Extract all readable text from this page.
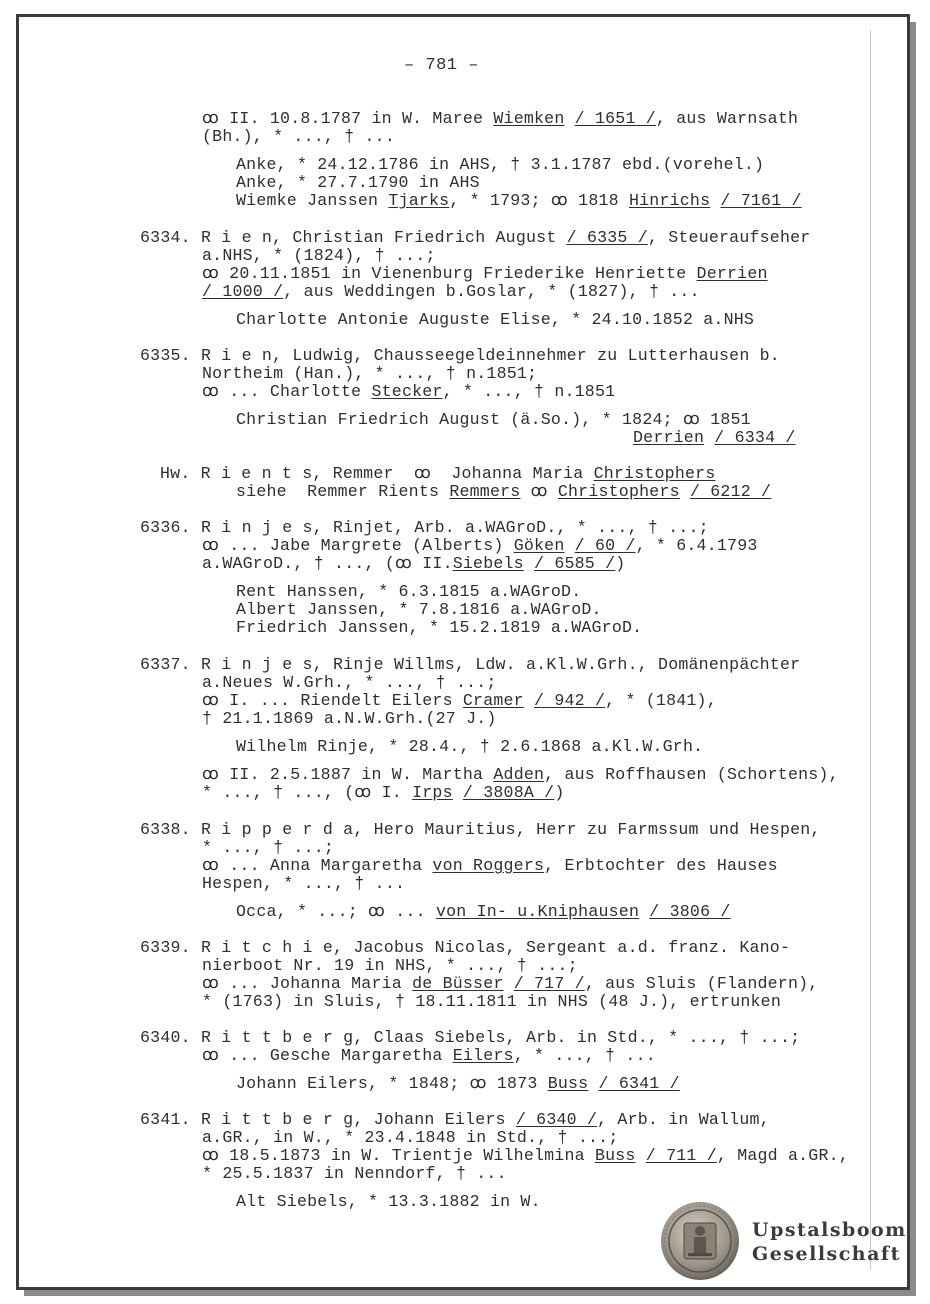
– 781 –
ꝏ II. 10.8.1787 in W. Maree Wiemken / 1651 /, aus Warnsath
(Bh.), * ..., † ...
Anke, * 24.12.1786 in AHS, † 3.1.1787 ebd.(vorehel.)
Anke, * 27.7.1790 in AHS
Wiemke Janssen Tjarks, * 1793; ꝏ 1818 Hinrichs / 7161 /
6334. R i e n, Christian Friedrich August / 6335 /, Steueraufseher
a.NHS, * (1824), † ...;
ꝏ 20.11.1851 in Vienenburg Friederike Henriette Derrien
/ 1000 /, aus Weddingen b.Goslar, * (1827), † ...
Charlotte Antonie Auguste Elise, * 24.10.1852 a.NHS
6335. R i e n, Ludwig, Chausseegeldeinnehmer zu Lutterhausen b.
Northeim (Han.), * ..., † n.1851;
ꝏ ... Charlotte Stecker, * ..., † n.1851
Christian Friedrich August (ä.So.), * 1824; ꝏ 1851
Derrien / 6334 /
Hw. R i e n t s, Remmer  ꝏ  Johanna Maria Christophers
siehe  Remmer Rients Remmers ꝏ Christophers / 6212 /
6336. R i n j e s, Rinjet, Arb. a.WAGroD., * ..., † ...;
ꝏ ... Jabe Margrete (Alberts) Göken / 60 /, * 6.4.1793
a.WAGroD., † ..., (ꝏ II.Siebels / 6585 /)
Rent Hanssen, * 6.3.1815 a.WAGroD.
Albert Janssen, * 7.8.1816 a.WAGroD.
Friedrich Janssen, * 15.2.1819 a.WAGroD.
6337. R i n j e s, Rinje Willms, Ldw. a.Kl.W.Grh., Domänenpächter
a.Neues W.Grh., * ..., † ...;
ꝏ I. ... Riendelt Eilers Cramer / 942 /, * (1841),
† 21.1.1869 a.N.W.Grh.(27 J.)
Wilhelm Rinje, * 28.4., † 2.6.1868 a.Kl.W.Grh.
ꝏ II. 2.5.1887 in W. Martha Adden, aus Roffhausen (Schortens),
* ..., † ..., (ꝏ I. Irps / 3808A /)
6338. R i p p e r d a, Hero Mauritius, Herr zu Farmssum und Hespen,
* ..., † ...;
ꝏ ... Anna Margaretha von Roggers, Erbtochter des Hauses
Hespen, * ..., † ...
Occa, * ...; ꝏ ... von In- u.Kniphausen / 3806 /
6339. R i t c h i e, Jacobus Nicolas, Sergeant a.d. franz. Kano-
nierboot Nr. 19 in NHS, * ..., † ...;
ꝏ ... Johanna Maria de Büsser / 717 /, aus Sluis (Flandern),
* (1763) in Sluis, † 18.11.1811 in NHS (48 J.), ertrunken
6340. R i t t b e r g, Claas Siebels, Arb. in Std., * ..., † ...;
ꝏ ... Gesche Margaretha Eilers, * ..., † ...
Johann Eilers, * 1848; ꝏ 1873 Buss / 6341 /
6341. R i t t b e r g, Johann Eilers / 6340 /, Arb. in Wallum,
a.GR., in W., * 23.4.1848 in Std., † ...;
ꝏ 18.5.1873 in W. Trientje Wilhelmina Buss / 711 /, Magd a.GR.,
* 25.5.1837 in Nenndorf, † ...
Alt Siebels, * 13.3.1882 in W.
Upstalsboom
Gesellschaft
